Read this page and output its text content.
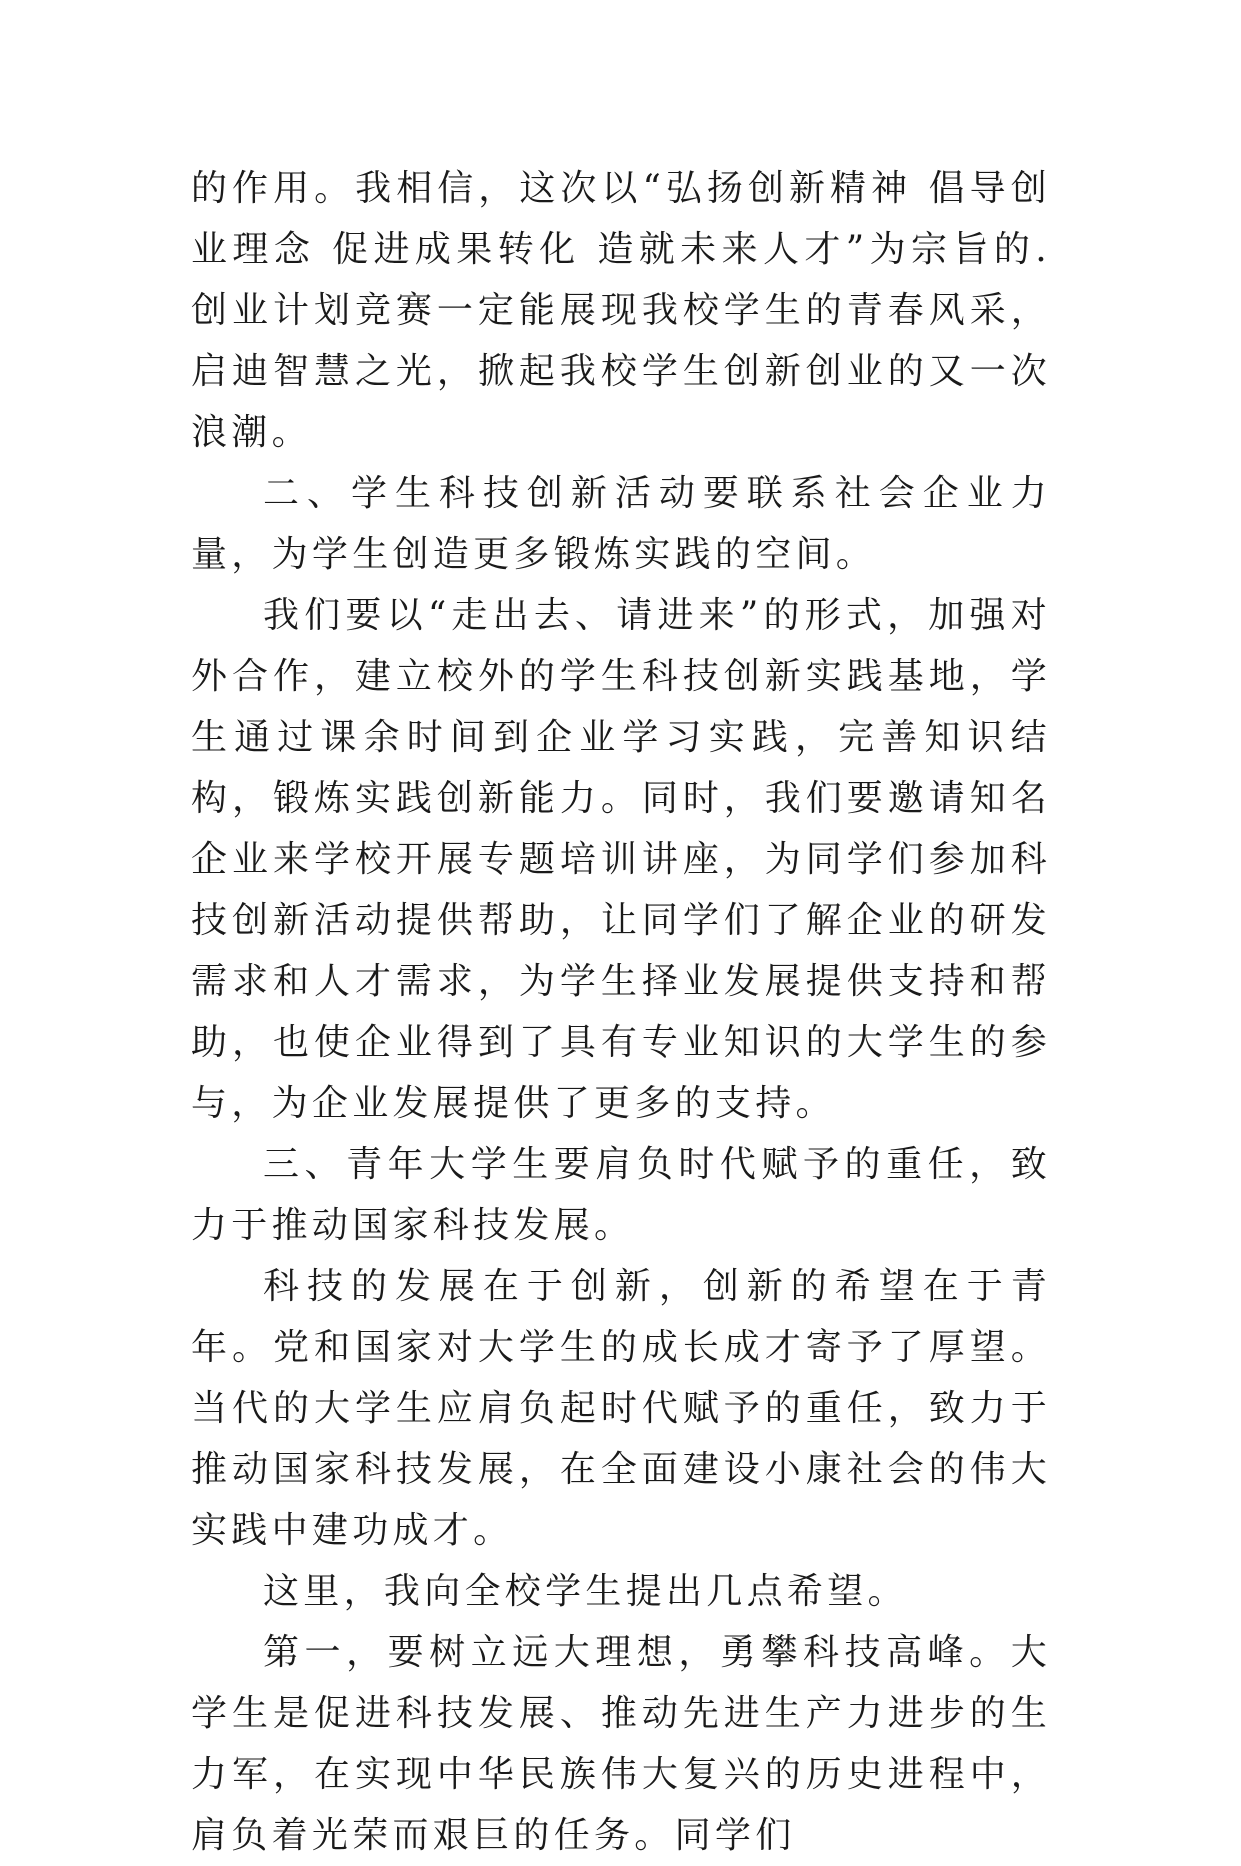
的作用。我相信，这次以“弘扬创新精神 倡导创业理念 促进成果转化 造就未来人才”为宗旨的.创业计划竞赛一定能展现我校学生的青春风采，启迪智慧之光，掀起我校学生创新创业的又一次浪潮。

二、学生科技创新活动要联系社会企业力量，为学生创造更多锻炼实践的空间。

我们要以“走出去、请进来”的形式，加强对外合作，建立校外的学生科技创新实践基地，学生通过课余时间到企业学习实践，完善知识结构，锻炼实践创新能力。同时，我们要邀请知名企业来学校开展专题培训讲座，为同学们参加科技创新活动提供帮助，让同学们了解企业的研发需求和人才需求，为学生择业发展提供支持和帮助，也使企业得到了具有专业知识的大学生的参与，为企业发展提供了更多的支持。

三、青年大学生要肩负时代赋予的重任，致力于推动国家科技发展。

科技的发展在于创新，创新的希望在于青年。党和国家对大学生的成长成才寄予了厚望。当代的大学生应肩负起时代赋予的重任，致力于推动国家科技发展，在全面建设小康社会的伟大实践中建功成才。

这里，我向全校学生提出几点希望。

第一，要树立远大理想，勇攀科技高峰。大学生是促进科技发展、推动先进生产力进步的生力军，在实现中华民族伟大复兴的历史进程中，肩负着光荣而艰巨的任务。同学们
